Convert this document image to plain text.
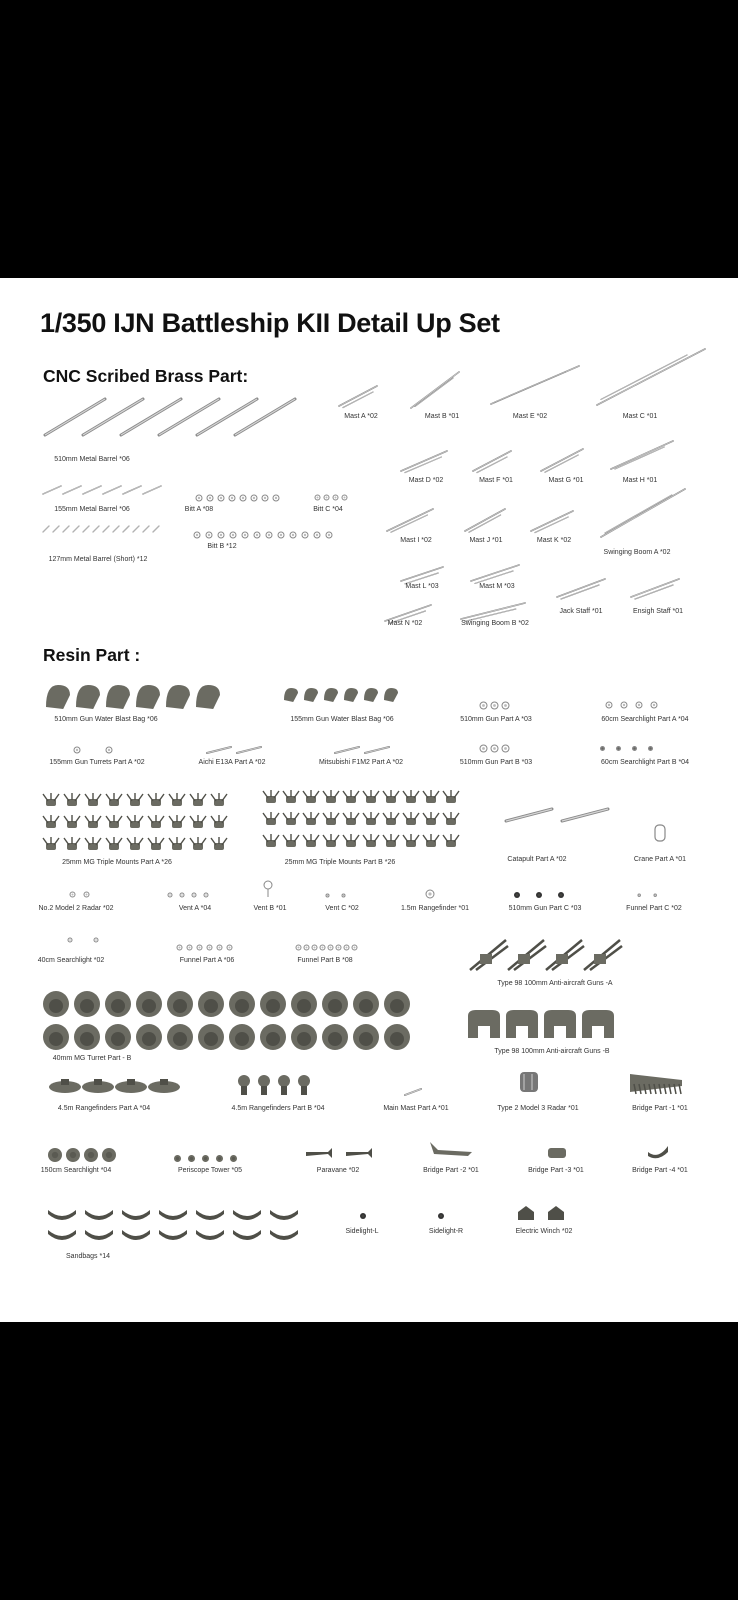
1/350 IJN Battleship KII Detail Up Set
CNC Scribed Brass Part:
Resin Part :
510mm Metal Barrel *06
155mm Metal Barrel *06
127mm Metal Barrel (Short) *12
Bitt A *08
Bitt B *12
Bitt C *04
Mast A *02	Mast B *01	Mast E *02	Mast C *01
Mast D *02	Mast F *01	Mast G *01	Mast H *01
Mast I *02	Mast J *01	Mast K *02
Swinging Boom A *02
Mast L *03	Mast M *03
Jack Staff *01	Ensigh Staff *01
Mast N *02	Swinging Boom B *02
510mm Gun Water Blast Bag *06	155mm Gun Water Blast Bag *06	510mm Gun Part A *03	60cm Searchlight Part A *04
155mm Gun Turrets Part A *02	Aichi E13A Part A *02	Mitsubishi F1M2 Part A *02	510mm Gun Part B *03	60cm Searchlight Part B *04
25mm MG Triple Mounts Part A *26	25mm MG Triple Mounts Part B *26	Catapult Part A *02	Crane Part A *01
No.2 Model 2 Radar *02	Vent A *04	Vent B *01	Vent C *02	1.5m Rangefinder *01	510mm Gun Part C *03	Funnel Part C *02
40cm Searchlight *02	Funnel Part A *06	Funnel Part B *08
Type 98 100mm Anti-aircraft Guns -A
40mm MG Turret Part - B
Type 98 100mm Anti-aircraft Guns -B
4.5m Rangefinders Part A *04	4.5m Rangefinders Part B *04	Main Mast Part A *01	Type 2 Model 3 Radar *01	Bridge Part -1 *01
150cm Searchlight *04	Periscope Tower *05	Paravane *02	Bridge Part -2 *01	Bridge Part -3 *01	Bridge Part -4 *01
Sandbags *14
Sidelight-L	Sidelight-R	Electric Winch *02
